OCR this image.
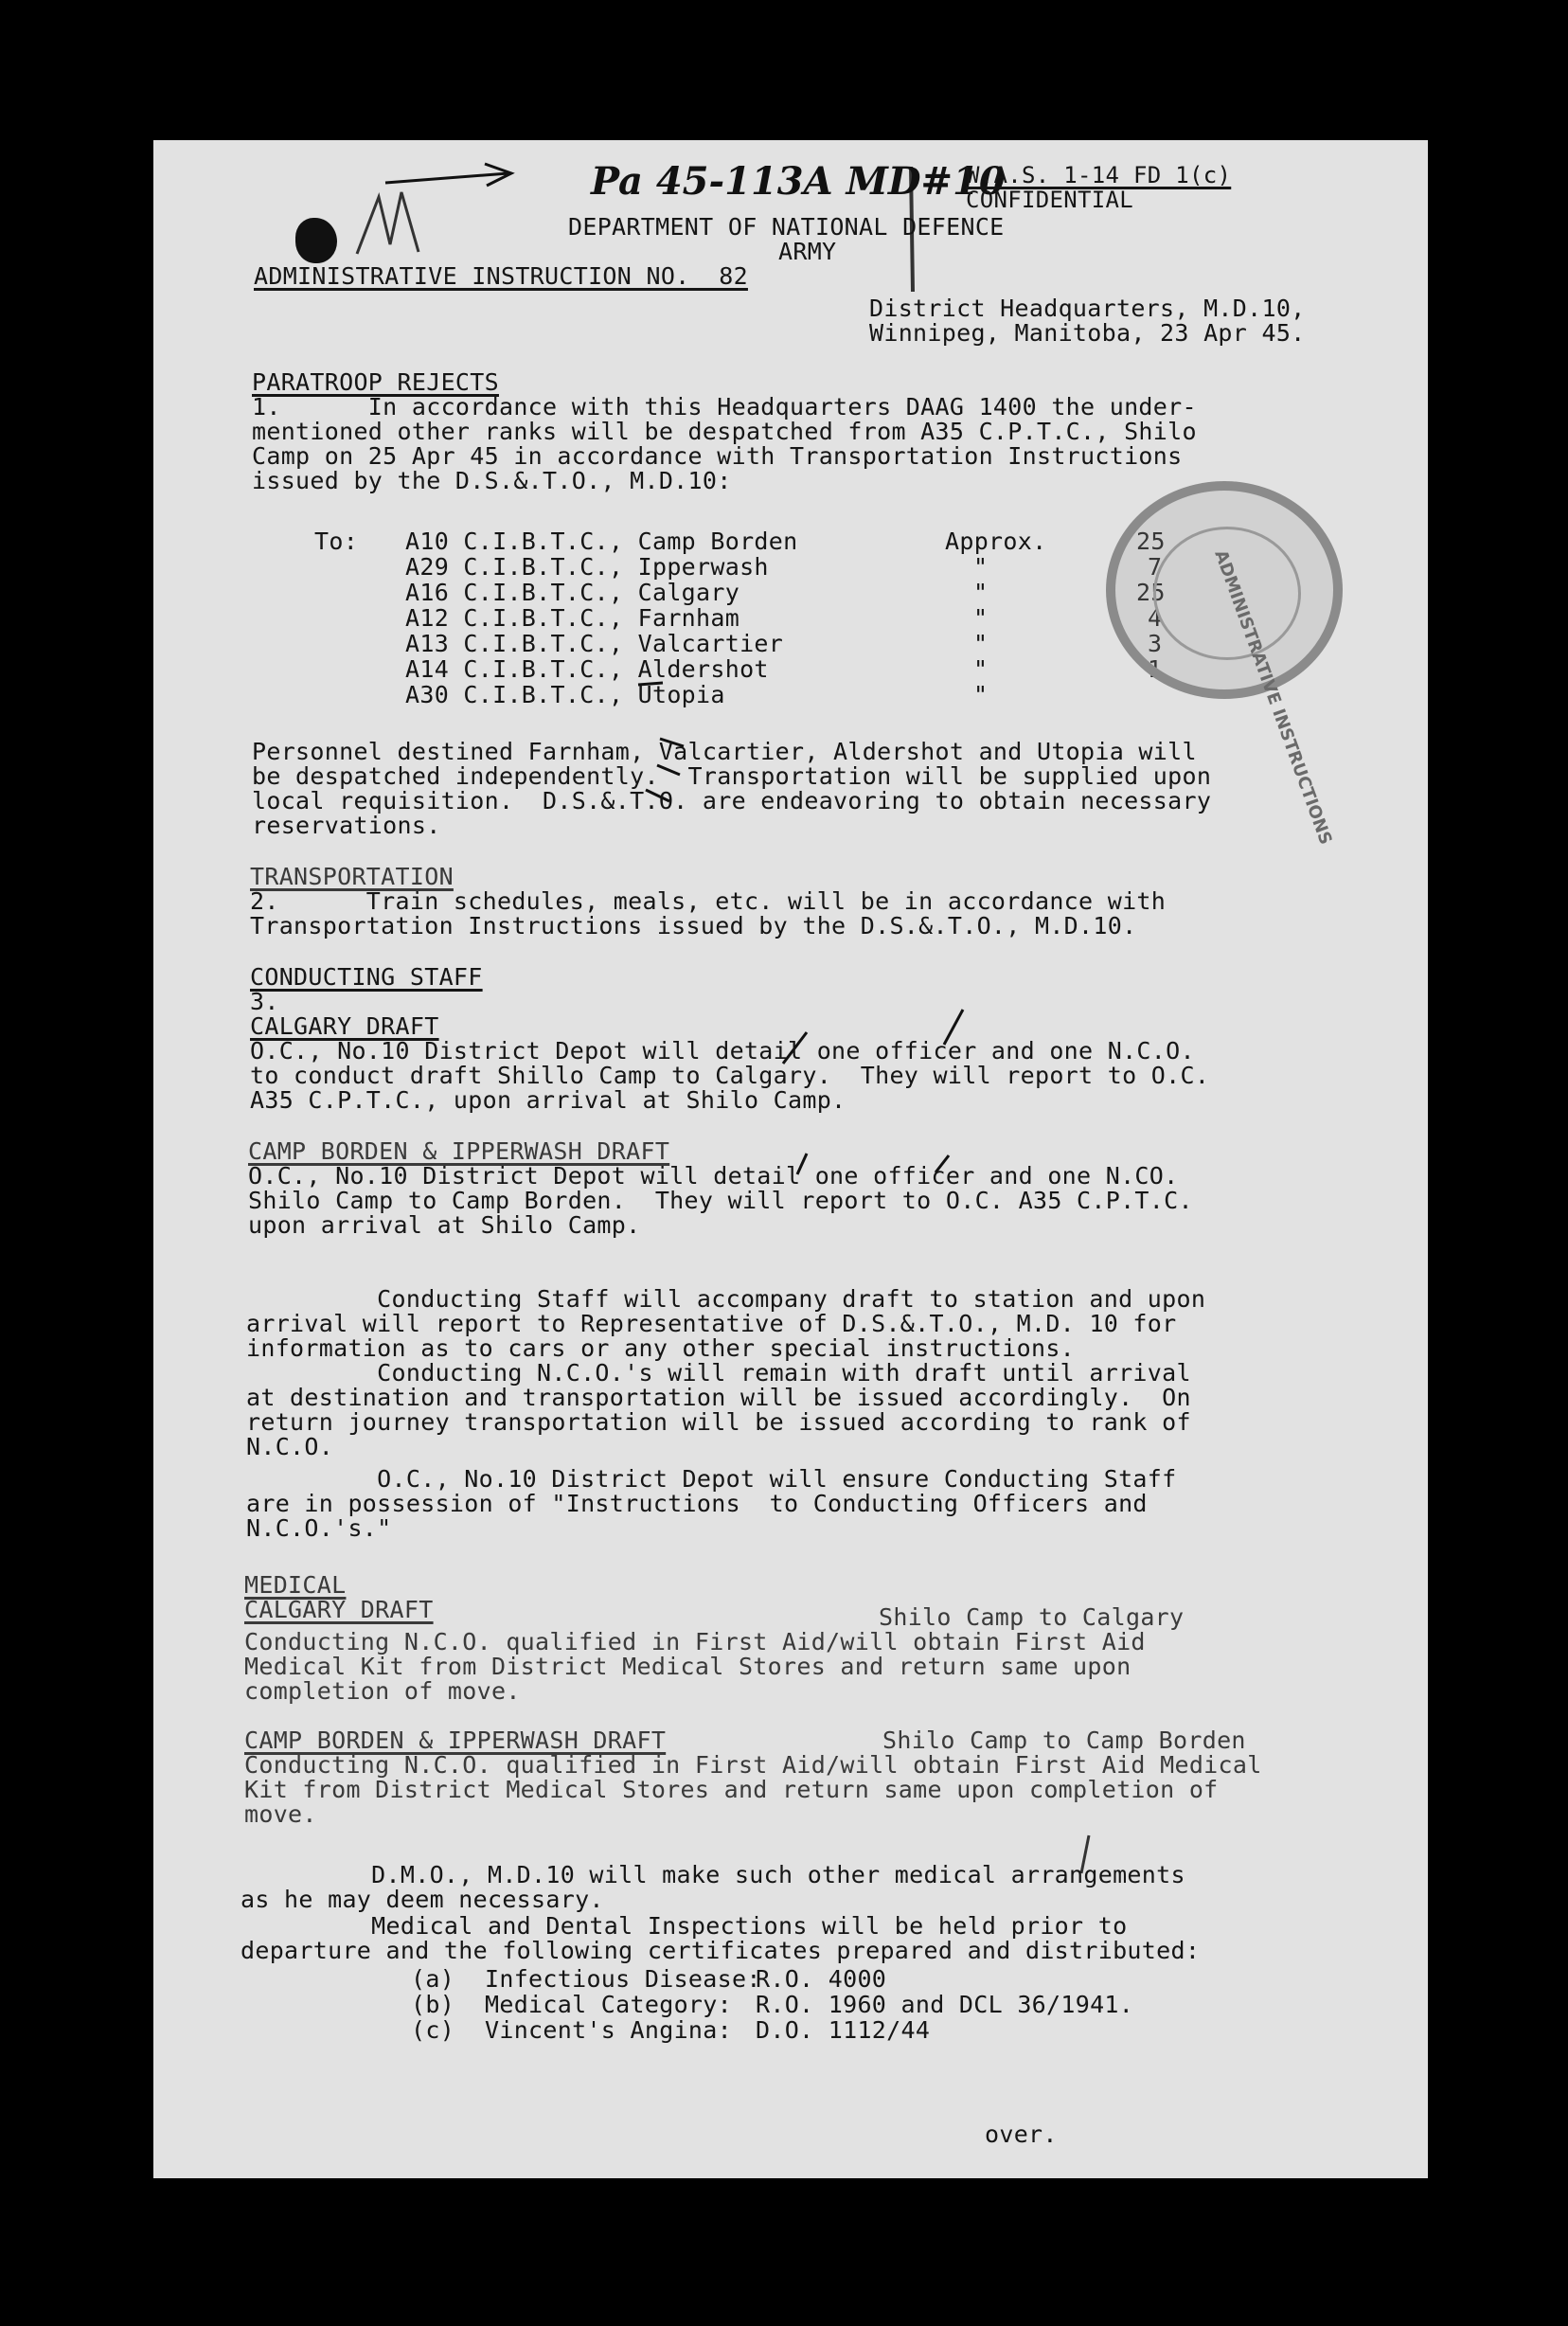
Pa 45-113A MD#10
W.A.S. 1-14 FD 1(c)
CONFIDENTIAL
DEPARTMENT OF NATIONAL DEFENCE
ARMY
ADMINISTRATIVE INSTRUCTION NO.  82
District Headquarters, M.D.10,
Winnipeg, Manitoba, 23 Apr 45.
PARATROOP REJECTS
1.      In accordance with this Headquarters DAAG 1400 the under-
mentioned other ranks will be despatched from A35 C.P.T.C., Shilo
Camp on 25 Apr 45 in accordance with Transportation Instructions
issued by the D.S.&.T.O., M.D.10:
To: A10 C.I.B.T.C., Camp Borden	Approx.	25
A29 C.I.B.T.C., Ipperwash	"	7
A16 C.I.B.T.C., Calgary	"	25
A12 C.I.B.T.C., Farnham	"	4
A13 C.I.B.T.C., Valcartier	"	3
A14 C.I.B.T.C., Aldershot	"	1
A30 C.I.B.T.C., Utopia	"
Personnel destined Farnham, Valcartier, Aldershot and Utopia will
be despatched independently.  Transportation will be supplied upon
local requisition.  D.S.&.T.O. are endeavoring to obtain necessary
reservations.
TRANSPORTATION
2.      Train schedules, meals, etc. will be in accordance with
Transportation Instructions issued by the D.S.&.T.O., M.D.10.
CONDUCTING STAFF
3.
CALGARY DRAFT
O.C., No.10 District Depot will detail one officer and one N.C.O.
to conduct draft Shillo Camp to Calgary.  They will report to O.C.
A35 C.P.T.C., upon arrival at Shilo Camp.
CAMP BORDEN & IPPERWASH DRAFT
O.C., No.10 District Depot will detail one officer and one N.CO.
Shilo Camp to Camp Borden.  They will report to O.C. A35 C.P.T.C.
upon arrival at Shilo Camp.
Conducting Staff will accompany draft to station and upon
arrival will report to Representative of D.S.&.T.O., M.D. 10 for
information as to cars or any other special instructions.
Conducting N.C.O.'s will remain with draft until arrival
at destination and transportation will be issued accordingly.  On
return journey transportation will be issued according to rank of
N.C.O.
O.C., No.10 District Depot will ensure Conducting Staff
are in possession of "Instructions  to Conducting Officers and
N.C.O.'s."
MEDICAL
CALGARY DRAFT	Shilo Camp to Calgary
Conducting N.C.O. qualified in First Aid/will obtain First Aid
Medical Kit from District Medical Stores and return same upon
completion of move.
CAMP BORDEN & IPPERWASH DRAFT	Shilo Camp to Camp Borden
Conducting N.C.O. qualified in First Aid/will obtain First Aid Medical
Kit from District Medical Stores and return same upon completion of
move.
D.M.O., M.D.10 will make such other medical arrangements
as he may deem necessary.
Medical and Dental Inspections will be held prior to
departure and the following certificates prepared and distributed:
(a) Infectious Disease:
R.O. 4000
(b) Medical Category: R.O. 1960 and DCL 36/1941.
(c) Vincent's Angina: D.O. 1112/44
over.
ADMINISTRATIVE INSTRUCTIONS
